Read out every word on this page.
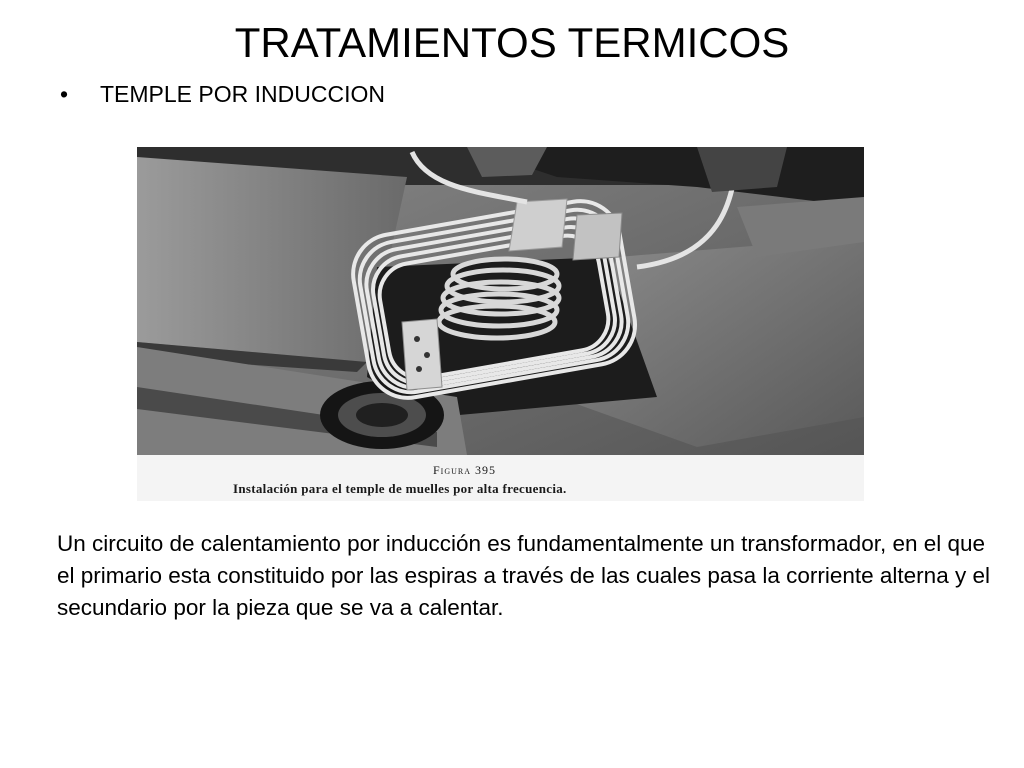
TRATAMIENTOS TERMICOS
• TEMPLE POR INDUCCION
Figura 395
Instalación para el temple de muelles por alta frecuencia.

Un circuito de calentamiento por inducción es fundamentalmente un transformador, en el que el primario esta constituido por las espiras a través de las cuales pasa la corriente alterna y el secundario por la pieza que se va a calentar.
